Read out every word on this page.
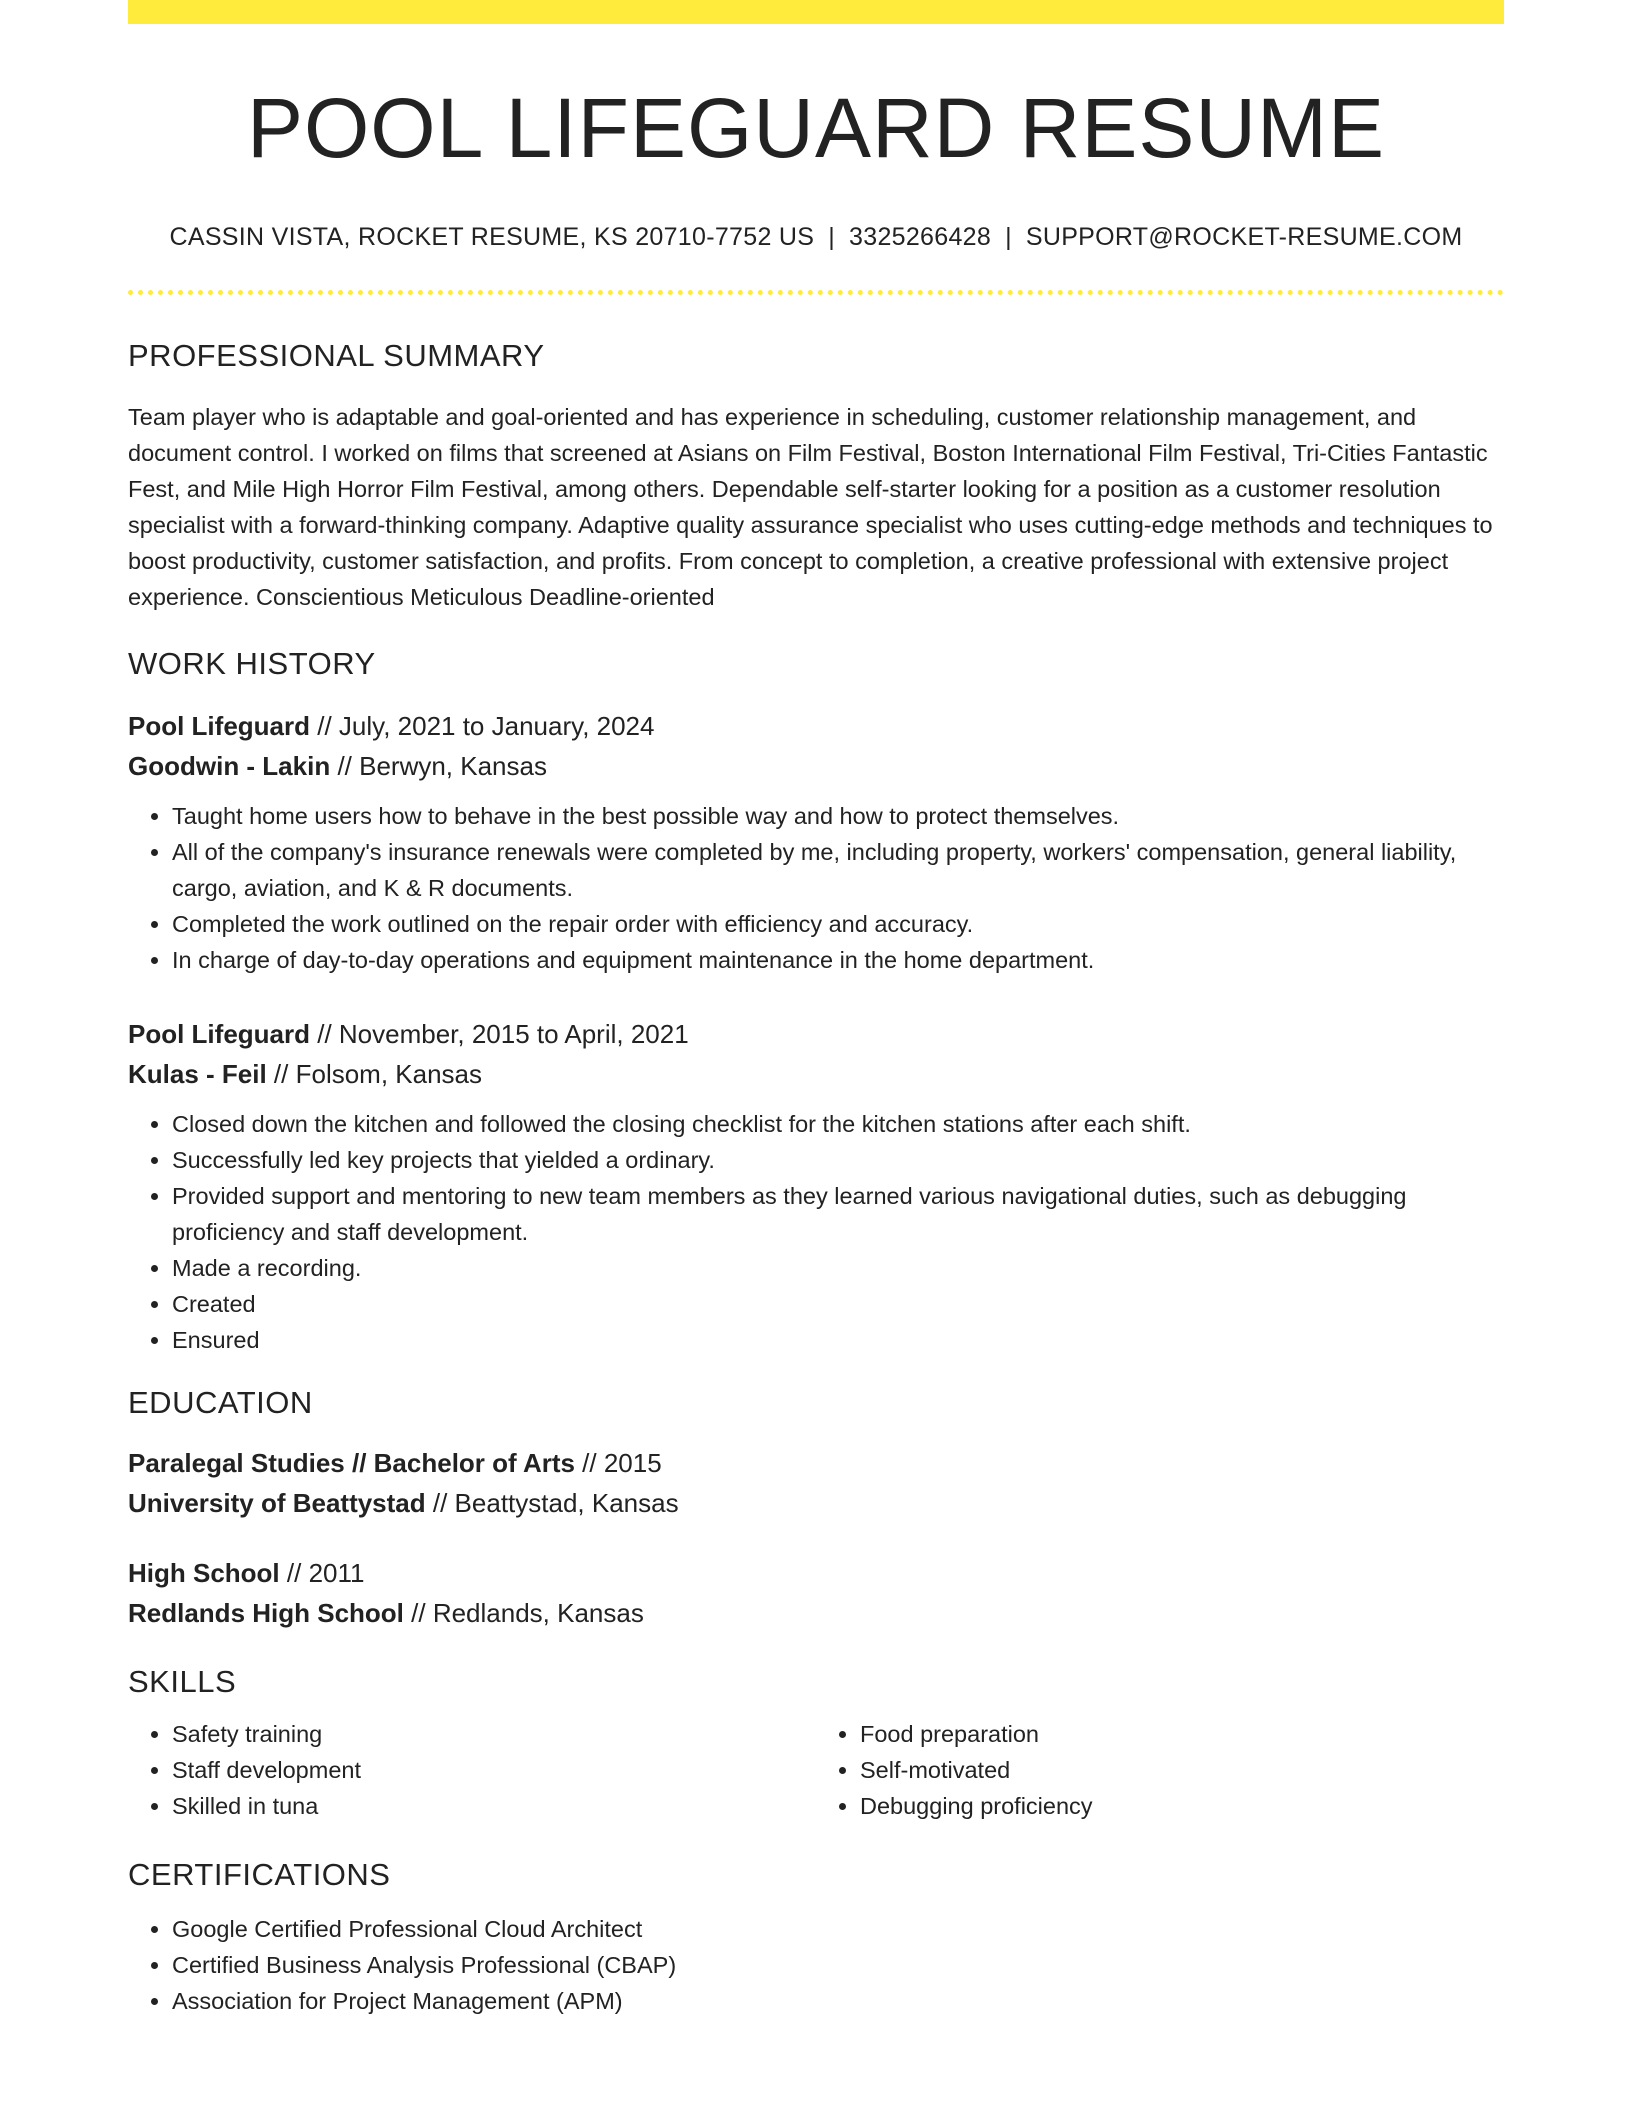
POOL LIFEGUARD RESUME
CASSIN VISTA, ROCKET RESUME, KS 20710-7752 US | 3325266428 | SUPPORT@ROCKET-RESUME.COM
PROFESSIONAL SUMMARY

Team player who is adaptable and goal-oriented and has experience in scheduling, customer relationship management, and document control. I worked on films that screened at Asians on Film Festival, Boston International Film Festival, Tri-Cities Fantastic Fest, and Mile High Horror Film Festival, among others. Dependable self-starter looking for a position as a customer resolution specialist with a forward-thinking company. Adaptive quality assurance specialist who uses cutting-edge methods and techniques to boost productivity, customer satisfaction, and profits. From concept to completion, a creative professional with extensive project experience. Conscientious Meticulous Deadline-oriented

WORK HISTORY
Pool Lifeguard // July, 2021 to January, 2024
Goodwin - Lakin // Berwyn, Kansas
• Taught home users how to behave in the best possible way and how to protect themselves.
• All of the company's insurance renewals were completed by me, including property, workers' compensation, general liability, cargo, aviation, and K & R documents.
• Completed the work outlined on the repair order with efficiency and accuracy.
• In charge of day-to-day operations and equipment maintenance in the home department.
Pool Lifeguard // November, 2015 to April, 2021
Kulas - Feil // Folsom, Kansas
• Closed down the kitchen and followed the closing checklist for the kitchen stations after each shift.
• Successfully led key projects that yielded a ordinary.
• Provided support and mentoring to new team members as they learned various navigational duties, such as debugging proficiency and staff development.
• Made a recording.
• Created
• Ensured
EDUCATION
Paralegal Studies // Bachelor of Arts // 2015
University of Beattystad // Beattystad, Kansas
High School // 2011
Redlands High School // Redlands, Kansas
SKILLS
• Safety training
• Staff development
• Skilled in tuna
• Food preparation
• Self-motivated
• Debugging proficiency
CERTIFICATIONS
• Google Certified Professional Cloud Architect
• Certified Business Analysis Professional (CBAP)
• Association for Project Management (APM)
